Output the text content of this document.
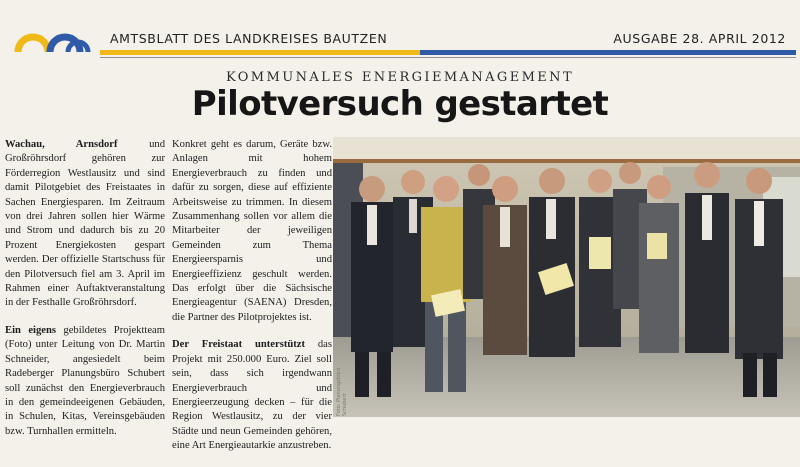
AMTSBLATT DES LANDKREISES BAUTZEN	AUSGABE 28. APRIL 2012
KOMMUNALES ENERGIEMANAGEMENT
Pilotversuch gestartet

Wachau, Arnsdorf und Großröhrsdorf gehören zur Förderregion Westlausitz und sind damit Pilotgebiet des Freistaates in Sachen Energiesparen. Im Zeitraum von drei Jahren sollen hier Wärme und Strom und dadurch bis zu 20 Prozent Energiekosten gespart werden. Der offizielle Startschuss für den Pilotversuch fiel am 3. April im Rahmen einer Auftaktveranstaltung in der Festhalle Großröhrsdorf.

Ein eigens gebildetes Projektteam (Foto) unter Leitung von Dr. Martin Schneider, angesiedelt beim Radeberger Planungsbüro Schubert soll zunächst den Energieverbrauch in den gemeindeeigenen Gebäuden, in Schulen, Kitas, Vereinsgebäuden bzw. Turnhallen ermitteln.

Konkret geht es darum, Geräte bzw. Anlagen mit hohem Energieverbrauch zu finden und dafür zu sorgen, diese auf effiziente Arbeitsweise zu trimmen. In diesem Zusammenhang sollen vor allem die Mitarbeiter der jeweiligen Gemeinden zum Thema Energieersparnis und Energieeffizienz geschult werden. Das erfolgt über die Sächsische Energieagentur (SAENA) Dresden, die Partner des Pilotprojektes ist.

Der Freistaat unterstützt das Projekt mit 250.000 Euro. Ziel soll sein, dass sich irgendwann Energieverbrauch und Energieerzeugung decken – für die Region Westlausitz, zu der vier Städte und neun Gemeinden gehören, eine Art Energieautarkie anzustreben.

Foto: Planungsbüro Schubert
